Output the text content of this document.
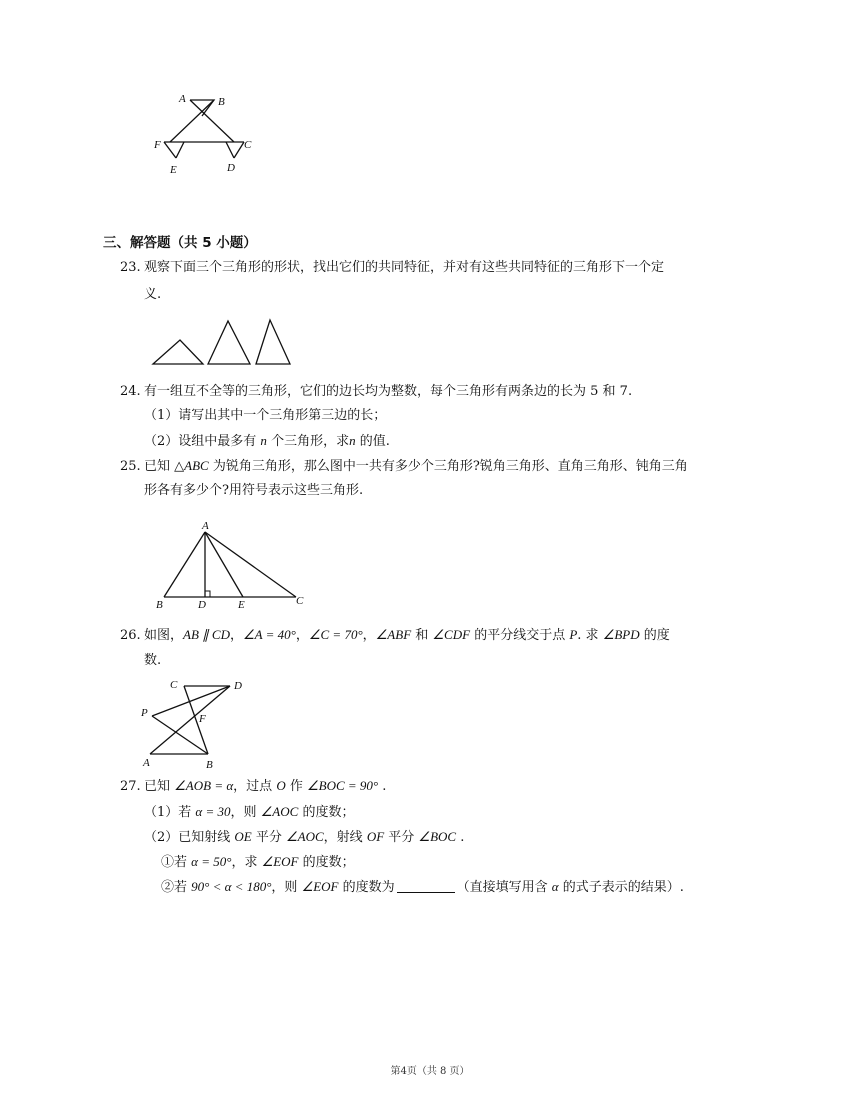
A	B
F	C
E	D
三、解答题（共 5 小题）
23. 观察下面三个三角形的形状，找出它们的共同特征，并对有这些共同特征的三角形下一个定
义.
24. 有一组互不全等的三角形，它们的边长均为整数，每个三角形有两条边的长为 5 和 7.
（1）请写出其中一个三角形第三边的长；
（2）设组中最多有 n 个三角形，求n 的值.
25. 已知 △ABC 为锐角三角形，那么图中一共有多少个三角形?锐角三角形、直角三角形、钝角三角
形各有多少个?用符号表示这些三角形.
A
B	D	E	C
26. 如图，AB ∥ CD，∠A = 40°，∠C = 70°，∠ABF 和 ∠CDF 的平分线交于点 P. 求 ∠BPD 的度
数.
C	D
P	F
A	B
27. 已知 ∠AOB = α，过点 O 作 ∠BOC = 90° .
（1）若 α = 30，则 ∠AOC 的度数；
（2）已知射线 OE 平分 ∠AOC，射线 OF 平分 ∠BOC .
①若 α = 50°，求 ∠EOF 的度数；
②若 90° < α < 180°，则 ∠EOF 的度数为	（直接填写用含 α 的式子表示的结果）.
第4页（共 8 页）
